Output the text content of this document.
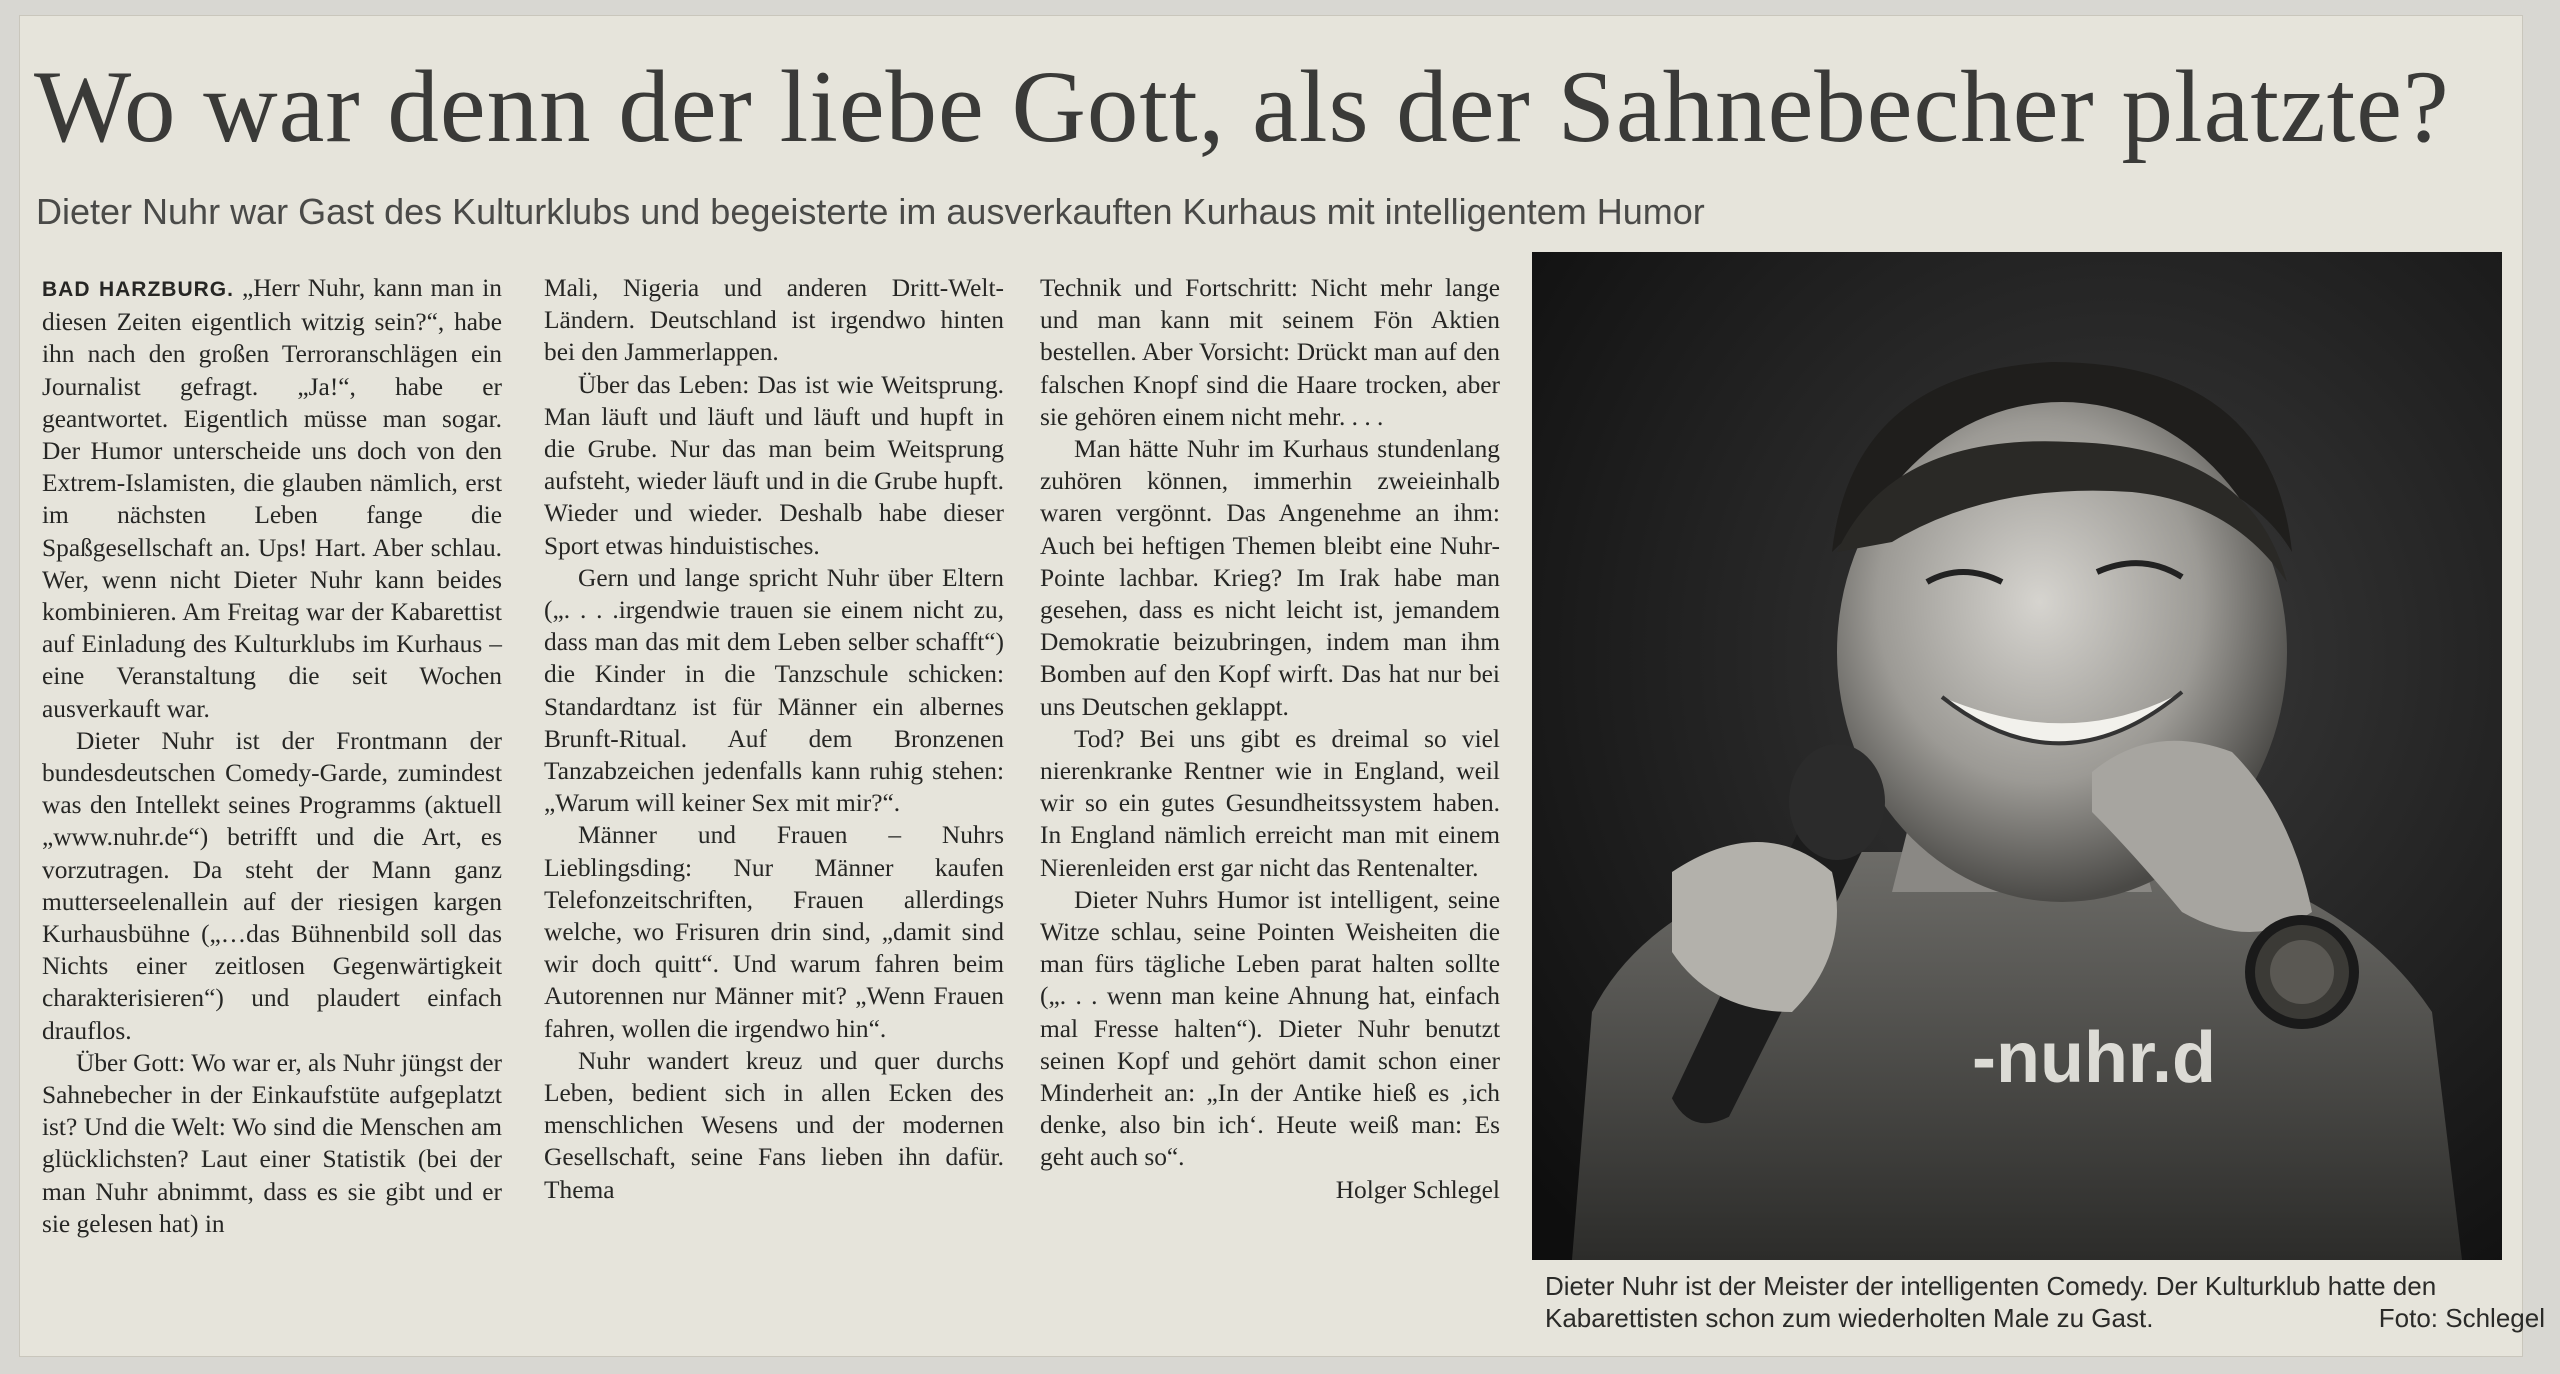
Wo war denn der liebe Gott, als der Sahnebecher platzte?
Dieter Nuhr war Gast des Kulturklubs und begeisterte im ausverkauften Kurhaus mit intelligentem Humor

BAD HARZBURG. „Herr Nuhr, kann man in diesen Zeiten eigentlich witzig sein?“, habe ihn nach den großen Terroranschlägen ein Journalist gefragt. „Ja!“, habe er geantwortet. Eigentlich müsse man sogar. Der Humor unterscheide uns doch von den Extrem-Islamisten, die glauben nämlich, erst im nächsten Leben fange die Spaßgesellschaft an. Ups! Hart. Aber schlau. Wer, wenn nicht Dieter Nuhr kann beides kombinieren. Am Freitag war der Kabarettist auf Einladung des Kulturklubs im Kurhaus – eine Veranstaltung die seit Wochen ausverkauft war.

Dieter Nuhr ist der Frontmann der bundesdeutschen Comedy-Garde, zumindest was den Intellekt seines Programms (aktuell „www.nuhr.de“) betrifft und die Art, es vorzutragen. Da steht der Mann ganz mutterseelenallein auf der riesigen kargen Kurhausbühne („…das Bühnenbild soll das Nichts einer zeitlosen Gegenwärtigkeit charakterisieren“) und plaudert einfach drauflos.

Über Gott: Wo war er, als Nuhr jüngst der Sahnebecher in der Einkaufstüte aufgeplatzt ist? Und die Welt: Wo sind die Menschen am glücklichsten? Laut einer Statistik (bei der man Nuhr abnimmt, dass es sie gibt und er sie gelesen hat) in

Mali, Nigeria und anderen Dritt-Welt-Ländern. Deutschland ist irgendwo hinten bei den Jammerlappen.

Über das Leben: Das ist wie Weitsprung. Man läuft und läuft und läuft und hupft in die Grube. Nur das man beim Weitsprung aufsteht, wieder läuft und in die Grube hupft. Wieder und wieder. Deshalb habe dieser Sport etwas hinduistisches.

Gern und lange spricht Nuhr über Eltern („. . . .irgendwie trauen sie einem nicht zu, dass man das mit dem Leben selber schafft“) die Kinder in die Tanzschule schicken: Standardtanz ist für Männer ein albernes Brunft-Ritual. Auf dem Bronzenen Tanzabzeichen jedenfalls kann ruhig stehen: „Warum will keiner Sex mit mir?“.

Männer und Frauen – Nuhrs Lieblingsding: Nur Männer kaufen Telefonzeitschriften, Frauen allerdings welche, wo Frisuren drin sind, „damit sind wir doch quitt“. Und warum fahren beim Autorennen nur Männer mit? „Wenn Frauen fahren, wollen die irgendwo hin“.

Nuhr wandert kreuz und quer durchs Leben, bedient sich in allen Ecken des menschlichen Wesens und der modernen Gesellschaft, seine Fans lieben ihn dafür. Thema

Technik und Fortschritt: Nicht mehr lange und man kann mit seinem Fön Aktien bestellen. Aber Vorsicht: Drückt man auf den falschen Knopf sind die Haare trocken, aber sie gehören einem nicht mehr. . . .

Man hätte Nuhr im Kurhaus stundenlang zuhören können, immerhin zweieinhalb waren vergönnt. Das Angenehme an ihm: Auch bei heftigen Themen bleibt eine Nuhr-Pointe lachbar. Krieg? Im Irak habe man gesehen, dass es nicht leicht ist, jemandem Demokratie beizubringen, indem man ihm Bomben auf den Kopf wirft. Das hat nur bei uns Deutschen geklappt.

Tod? Bei uns gibt es dreimal so viel nierenkranke Rentner wie in England, weil wir so ein gutes Gesundheitssystem haben. In England nämlich erreicht man mit einem Nierenleiden erst gar nicht das Rentenalter.

Dieter Nuhrs Humor ist intelligent, seine Witze schlau, seine Pointen Weisheiten die man fürs tägliche Leben parat halten sollte („. . . wenn man keine Ahnung hat, einfach mal Fresse halten“). Dieter Nuhr benutzt seinen Kopf und gehört damit schon einer Minderheit an: „In der Antike hieß es ‚ich denke, also bin ich‘. Heute weiß man: Es geht auch so“.

Holger Schlegel
-nuhr.d
Dieter Nuhr ist der Meister der intelligenten Comedy. Der Kulturklub hatte den Kabarettisten schon zum wiederholten Male zu Gast.	Foto: Schlegel
